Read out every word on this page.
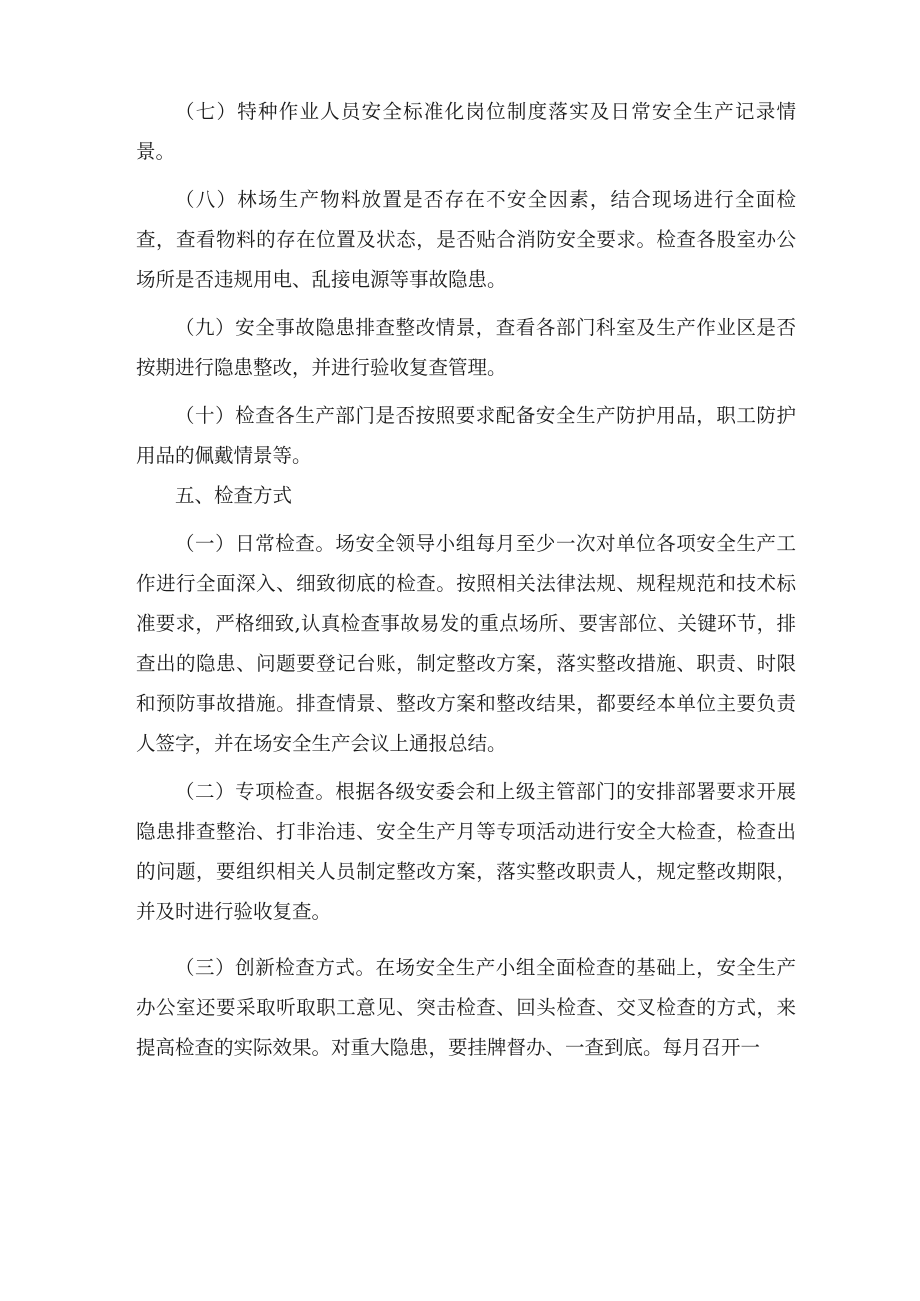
（七）特种作业人员安全标准化岗位制度落实及日常安全生产记录情景。

（八）林场生产物料放置是否存在不安全因素，结合现场进行全面检查，查看物料的存在位置及状态，是否贴合消防安全要求。检查各股室办公场所是否违规用电、乱接电源等事故隐患。

（九）安全事故隐患排查整改情景，查看各部门科室及生产作业区是否按期进行隐患整改，并进行验收复查管理。

（十）检查各生产部门是否按照要求配备安全生产防护用品，职工防护用品的佩戴情景等。

五、检查方式

（一）日常检查。场安全领导小组每月至少一次对单位各项安全生产工作进行全面深入、细致彻底的检查。按照相关法律法规、规程规范和技术标准要求，严格细致,认真检查事故易发的重点场所、要害部位、关键环节，排查出的隐患、问题要登记台账，制定整改方案，落实整改措施、职责、时限和预防事故措施。排查情景、整改方案和整改结果，都要经本单位主要负责人签字，并在场安全生产会议上通报总结。

（二）专项检查。根据各级安委会和上级主管部门的安排部署要求开展隐患排查整治、打非治违、安全生产月等专项活动进行安全大检查，检查出的问题，要组织相关人员制定整改方案，落实整改职责人，规定整改期限，并及时进行验收复查。

（三）创新检查方式。在场安全生产小组全面检查的基础上，安全生产办公室还要采取听取职工意见、突击检查、回头检查、交叉检查的方式，来提高检查的实际效果。对重大隐患，要挂牌督办、一查到底。每月召开一
